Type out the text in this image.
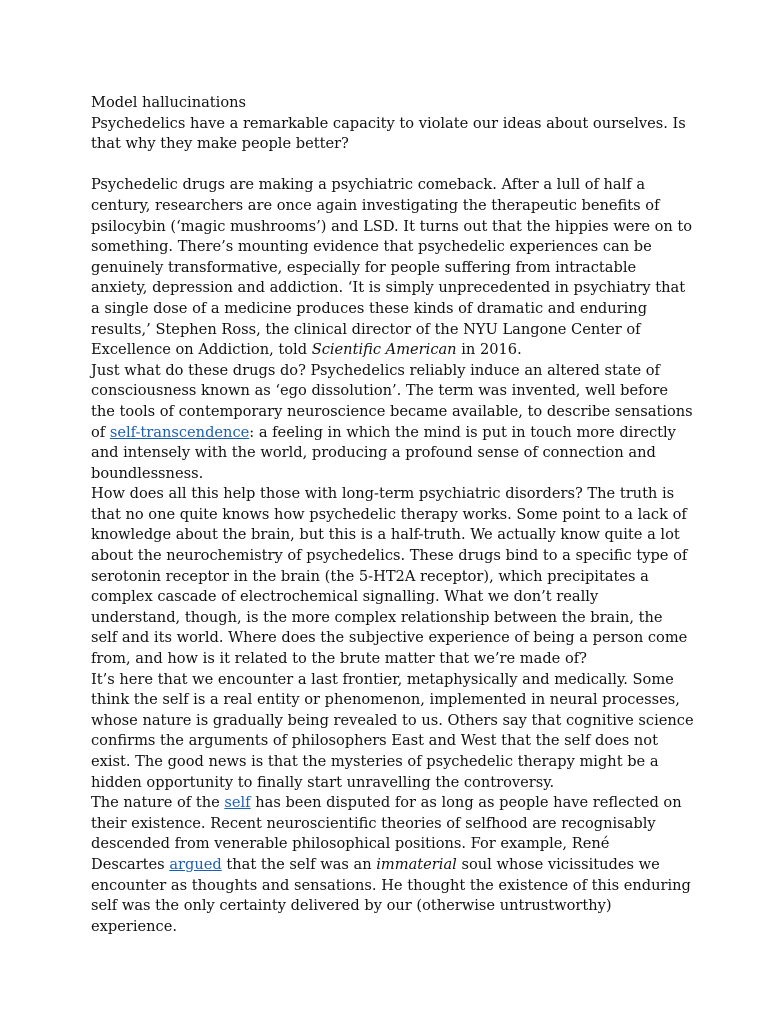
Model hallucinations
Psychedelics have a remarkable capacity to violate our ideas about ourselves. Is
that why they make people better?
Psychedelic drugs are making a psychiatric comeback. After a lull of half a
century, researchers are once again investigating the therapeutic benefits of
psilocybin (‘magic mushrooms’) and LSD. It turns out that the hippies were on to
something. There’s mounting evidence that psychedelic experiences can be
genuinely transformative, especially for people suffering from intractable
anxiety, depression and addiction. ‘It is simply unprecedented in psychiatry that
a single dose of a medicine produces these kinds of dramatic and enduring
results,’ Stephen Ross, the clinical director of the NYU Langone Center of
Excellence on Addiction, told Scientific American in 2016.
Just what do these drugs do? Psychedelics reliably induce an altered state of
consciousness known as ‘ego dissolution’. The term was invented, well before
the tools of contemporary neuroscience became available, to describe sensations
of self-transcendence: a feeling in which the mind is put in touch more directly
and intensely with the world, producing a profound sense of connection and
boundlessness.
How does all this help those with long-term psychiatric disorders? The truth is
that no one quite knows how psychedelic therapy works. Some point to a lack of
knowledge about the brain, but this is a half-truth. We actually know quite a lot
about the neurochemistry of psychedelics. These drugs bind to a specific type of
serotonin receptor in the brain (the 5-HT2A receptor), which precipitates a
complex cascade of electrochemical signalling. What we don’t really
understand, though, is the more complex relationship between the brain, the
self and its world. Where does the subjective experience of being a person come
from, and how is it related to the brute matter that we’re made of?
It’s here that we encounter a last frontier, metaphysically and medically. Some
think the self is a real entity or phenomenon, implemented in neural processes,
whose nature is gradually being revealed to us. Others say that cognitive science
confirms the arguments of philosophers East and West that the self does not
exist. The good news is that the mysteries of psychedelic therapy might be a
hidden opportunity to finally start unravelling the controversy.
The nature of the self has been disputed for as long as people have reflected on
their existence. Recent neuroscientific theories of selfhood are recognisably
descended from venerable philosophical positions. For example, René
Descartes argued that the self was an immaterial soul whose vicissitudes we
encounter as thoughts and sensations. He thought the existence of this enduring
self was the only certainty delivered by our (otherwise untrustworthy)
experience.
